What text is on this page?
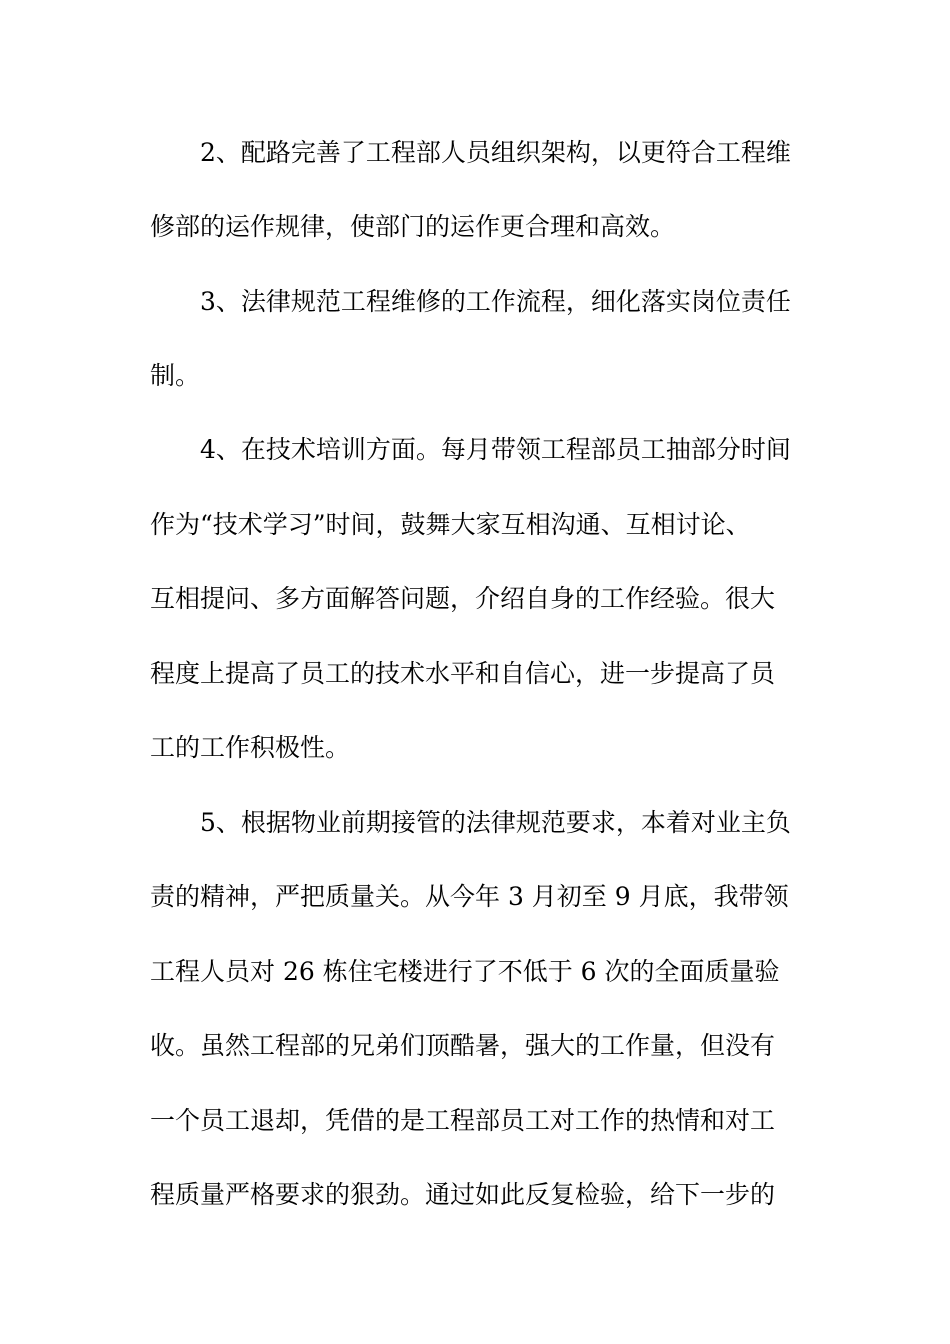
2、配路完善了工程部人员组织架构，以更符合工程维

修部的运作规律，使部门的运作更合理和高效。

3、法律规范工程维修的工作流程，细化落实岗位责任

制。

4、在技术培训方面。每月带领工程部员工抽部分时间

作为“技术学习”时间，鼓舞大家互相沟通、互相讨论、

互相提问、多方面解答问题，介绍自身的工作经验。很大

程度上提高了员工的技术水平和自信心，进一步提高了员

工的工作积极性。

5、根据物业前期接管的法律规范要求，本着对业主负

责的精神，严把质量关。从今年 3 月初至 9 月底，我带领

工程人员对 26 栋住宅楼进行了不低于 6 次的全面质量验

收。虽然工程部的兄弟们顶酷暑，强大的工作量，但没有

一个员工退却，凭借的是工程部员工对工作的热情和对工

程质量严格要求的狠劲。通过如此反复检验，给下一步的
